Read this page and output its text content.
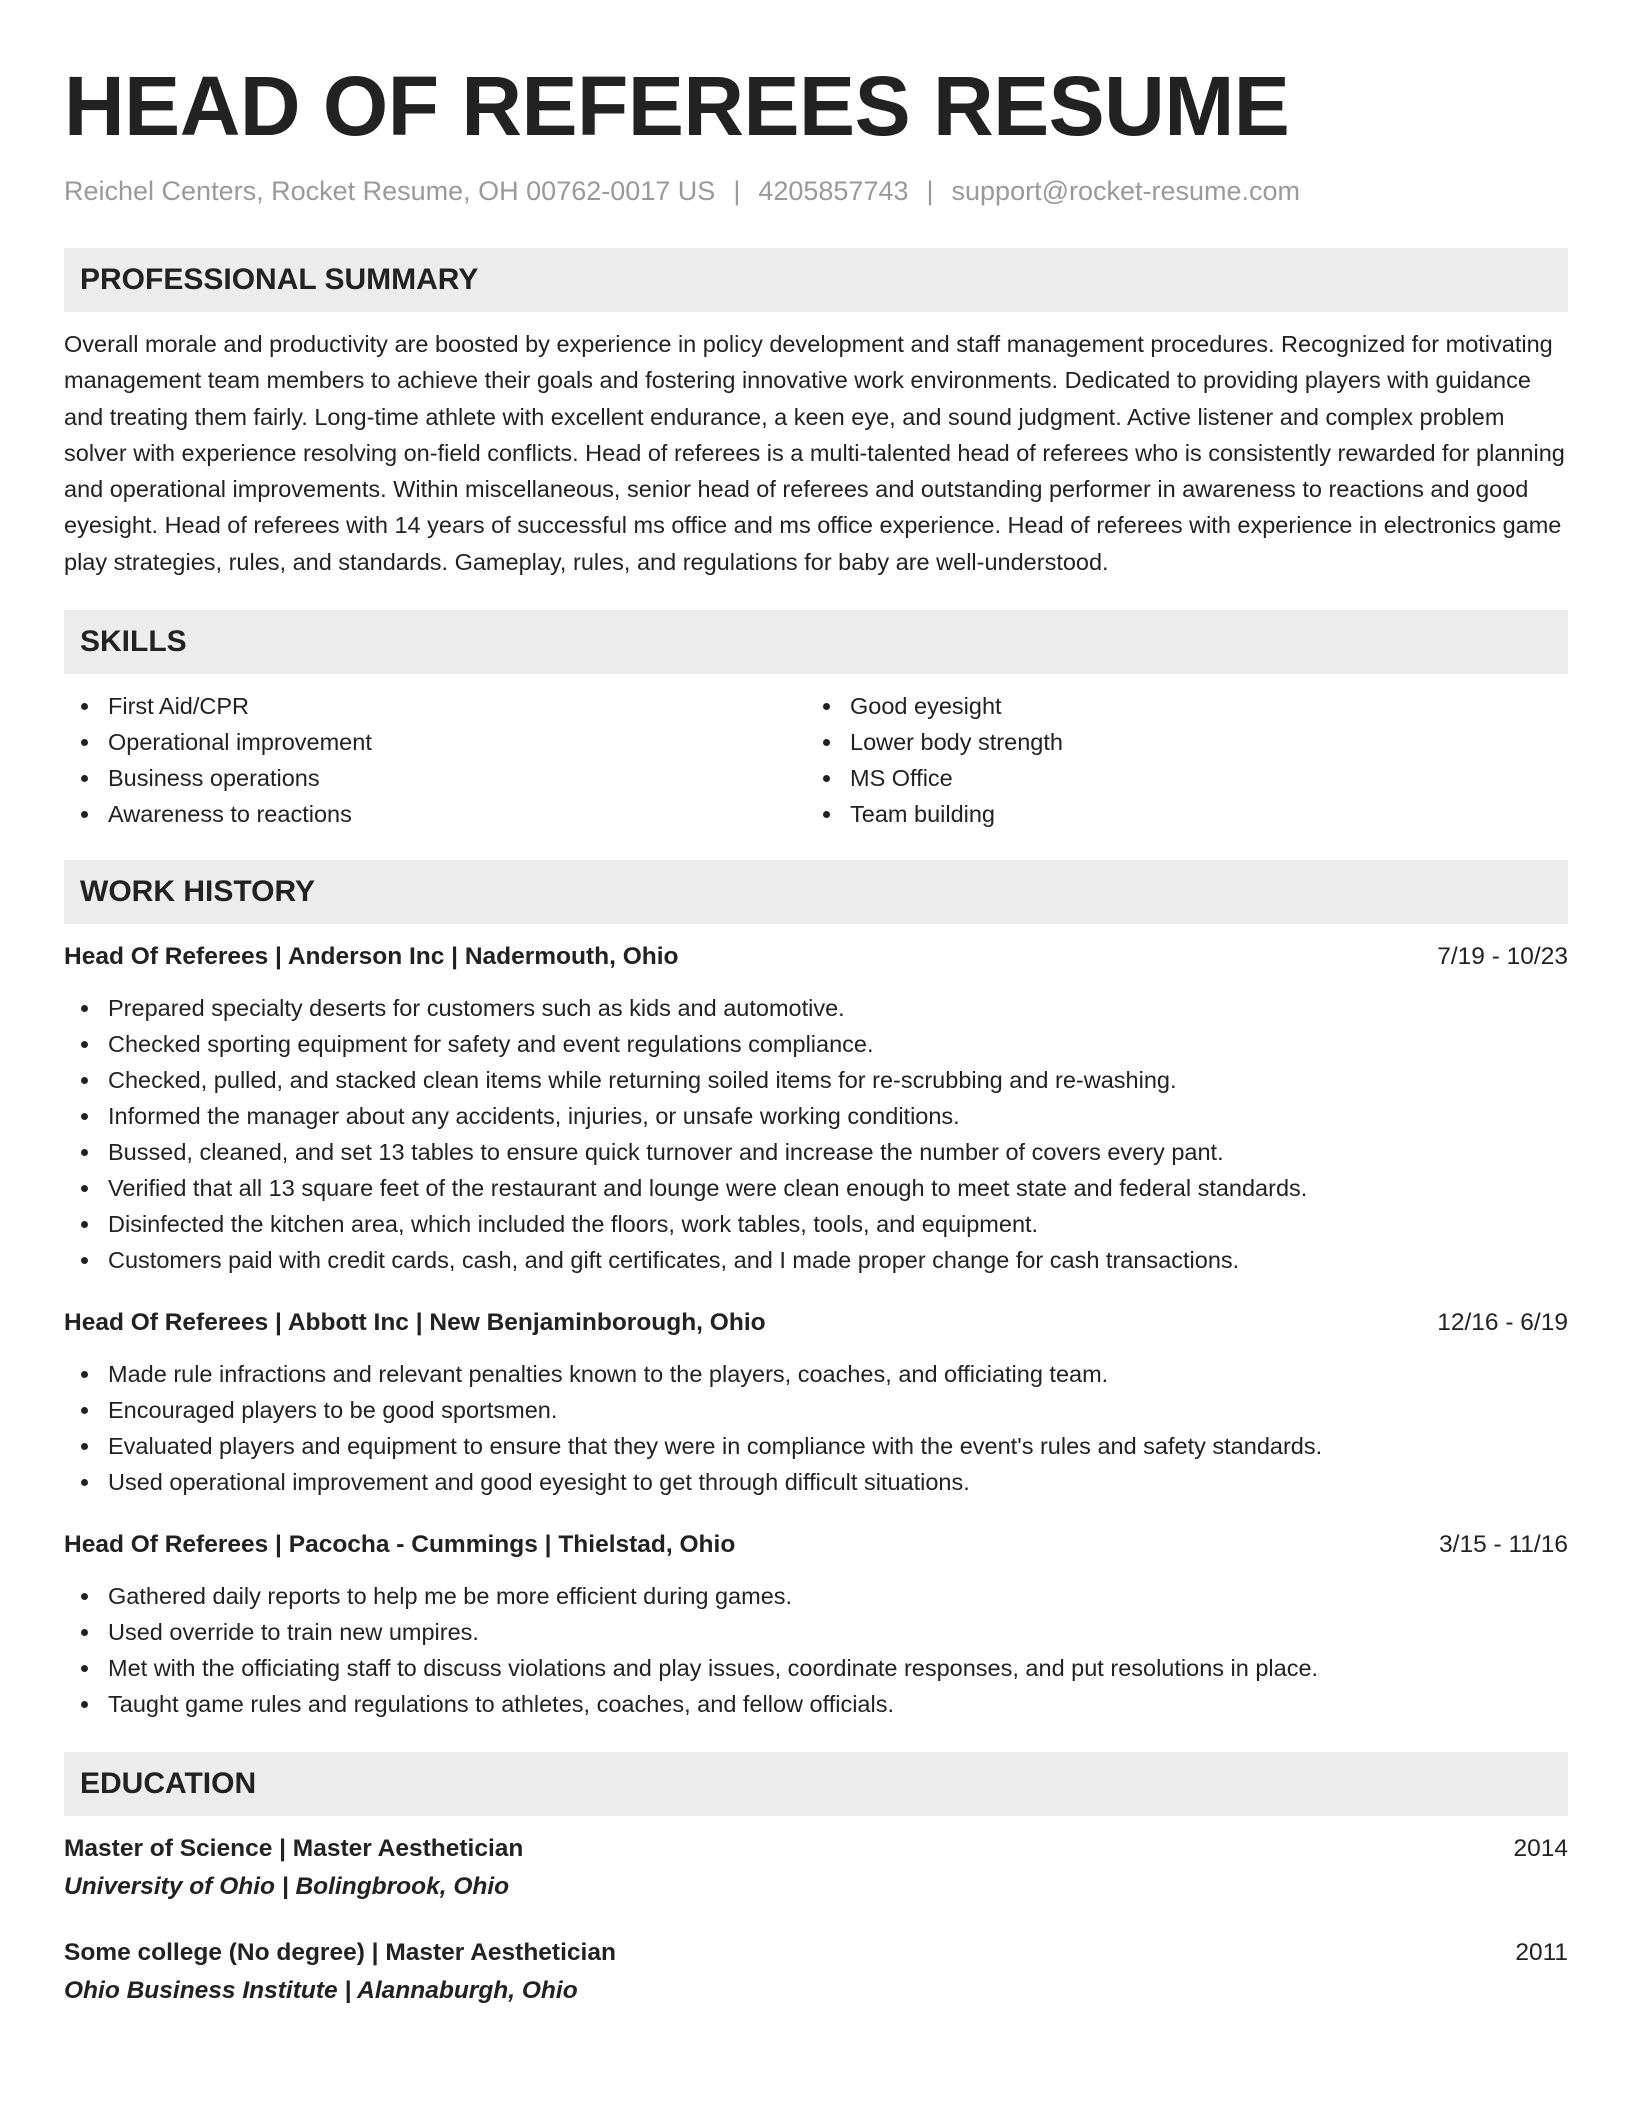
HEAD OF REFEREES RESUME
Reichel Centers, Rocket Resume, OH 00762-0017 US | 4205857743 | support@rocket-resume.com
PROFESSIONAL SUMMARY

Overall morale and productivity are boosted by experience in policy development and staff management procedures. Recognized for motivating management team members to achieve their goals and fostering innovative work environments. Dedicated to providing players with guidance and treating them fairly. Long-time athlete with excellent endurance, a keen eye, and sound judgment. Active listener and complex problem solver with experience resolving on-field conflicts. Head of referees is a multi-talented head of referees who is consistently rewarded for planning and operational improvements. Within miscellaneous, senior head of referees and outstanding performer in awareness to reactions and good eyesight. Head of referees with 14 years of successful ms office and ms office experience. Head of referees with experience in electronics game play strategies, rules, and standards. Gameplay, rules, and regulations for baby are well-understood.

SKILLS
First Aid/CPR
Operational improvement
Business operations
Awareness to reactions
Good eyesight
Lower body strength
MS Office
Team building
WORK HISTORY
Head Of Referees | Anderson Inc | Nadermouth, Ohio	7/19 - 10/23
Prepared specialty deserts for customers such as kids and automotive.
Checked sporting equipment for safety and event regulations compliance.
Checked, pulled, and stacked clean items while returning soiled items for re-scrubbing and re-washing.
Informed the manager about any accidents, injuries, or unsafe working conditions.
Bussed, cleaned, and set 13 tables to ensure quick turnover and increase the number of covers every pant.
Verified that all 13 square feet of the restaurant and lounge were clean enough to meet state and federal standards.
Disinfected the kitchen area, which included the floors, work tables, tools, and equipment.
Customers paid with credit cards, cash, and gift certificates, and I made proper change for cash transactions.
Head Of Referees | Abbott Inc | New Benjaminborough, Ohio	12/16 - 6/19
Made rule infractions and relevant penalties known to the players, coaches, and officiating team.
Encouraged players to be good sportsmen.
Evaluated players and equipment to ensure that they were in compliance with the event's rules and safety standards.
Used operational improvement and good eyesight to get through difficult situations.
Head Of Referees | Pacocha - Cummings | Thielstad, Ohio	3/15 - 11/16
Gathered daily reports to help me be more efficient during games.
Used override to train new umpires.
Met with the officiating staff to discuss violations and play issues, coordinate responses, and put resolutions in place.
Taught game rules and regulations to athletes, coaches, and fellow officials.
EDUCATION
Master of Science | Master Aesthetician	2014
University of Ohio | Bolingbrook, Ohio
Some college (No degree) | Master Aesthetician	2011
Ohio Business Institute | Alannaburgh, Ohio
